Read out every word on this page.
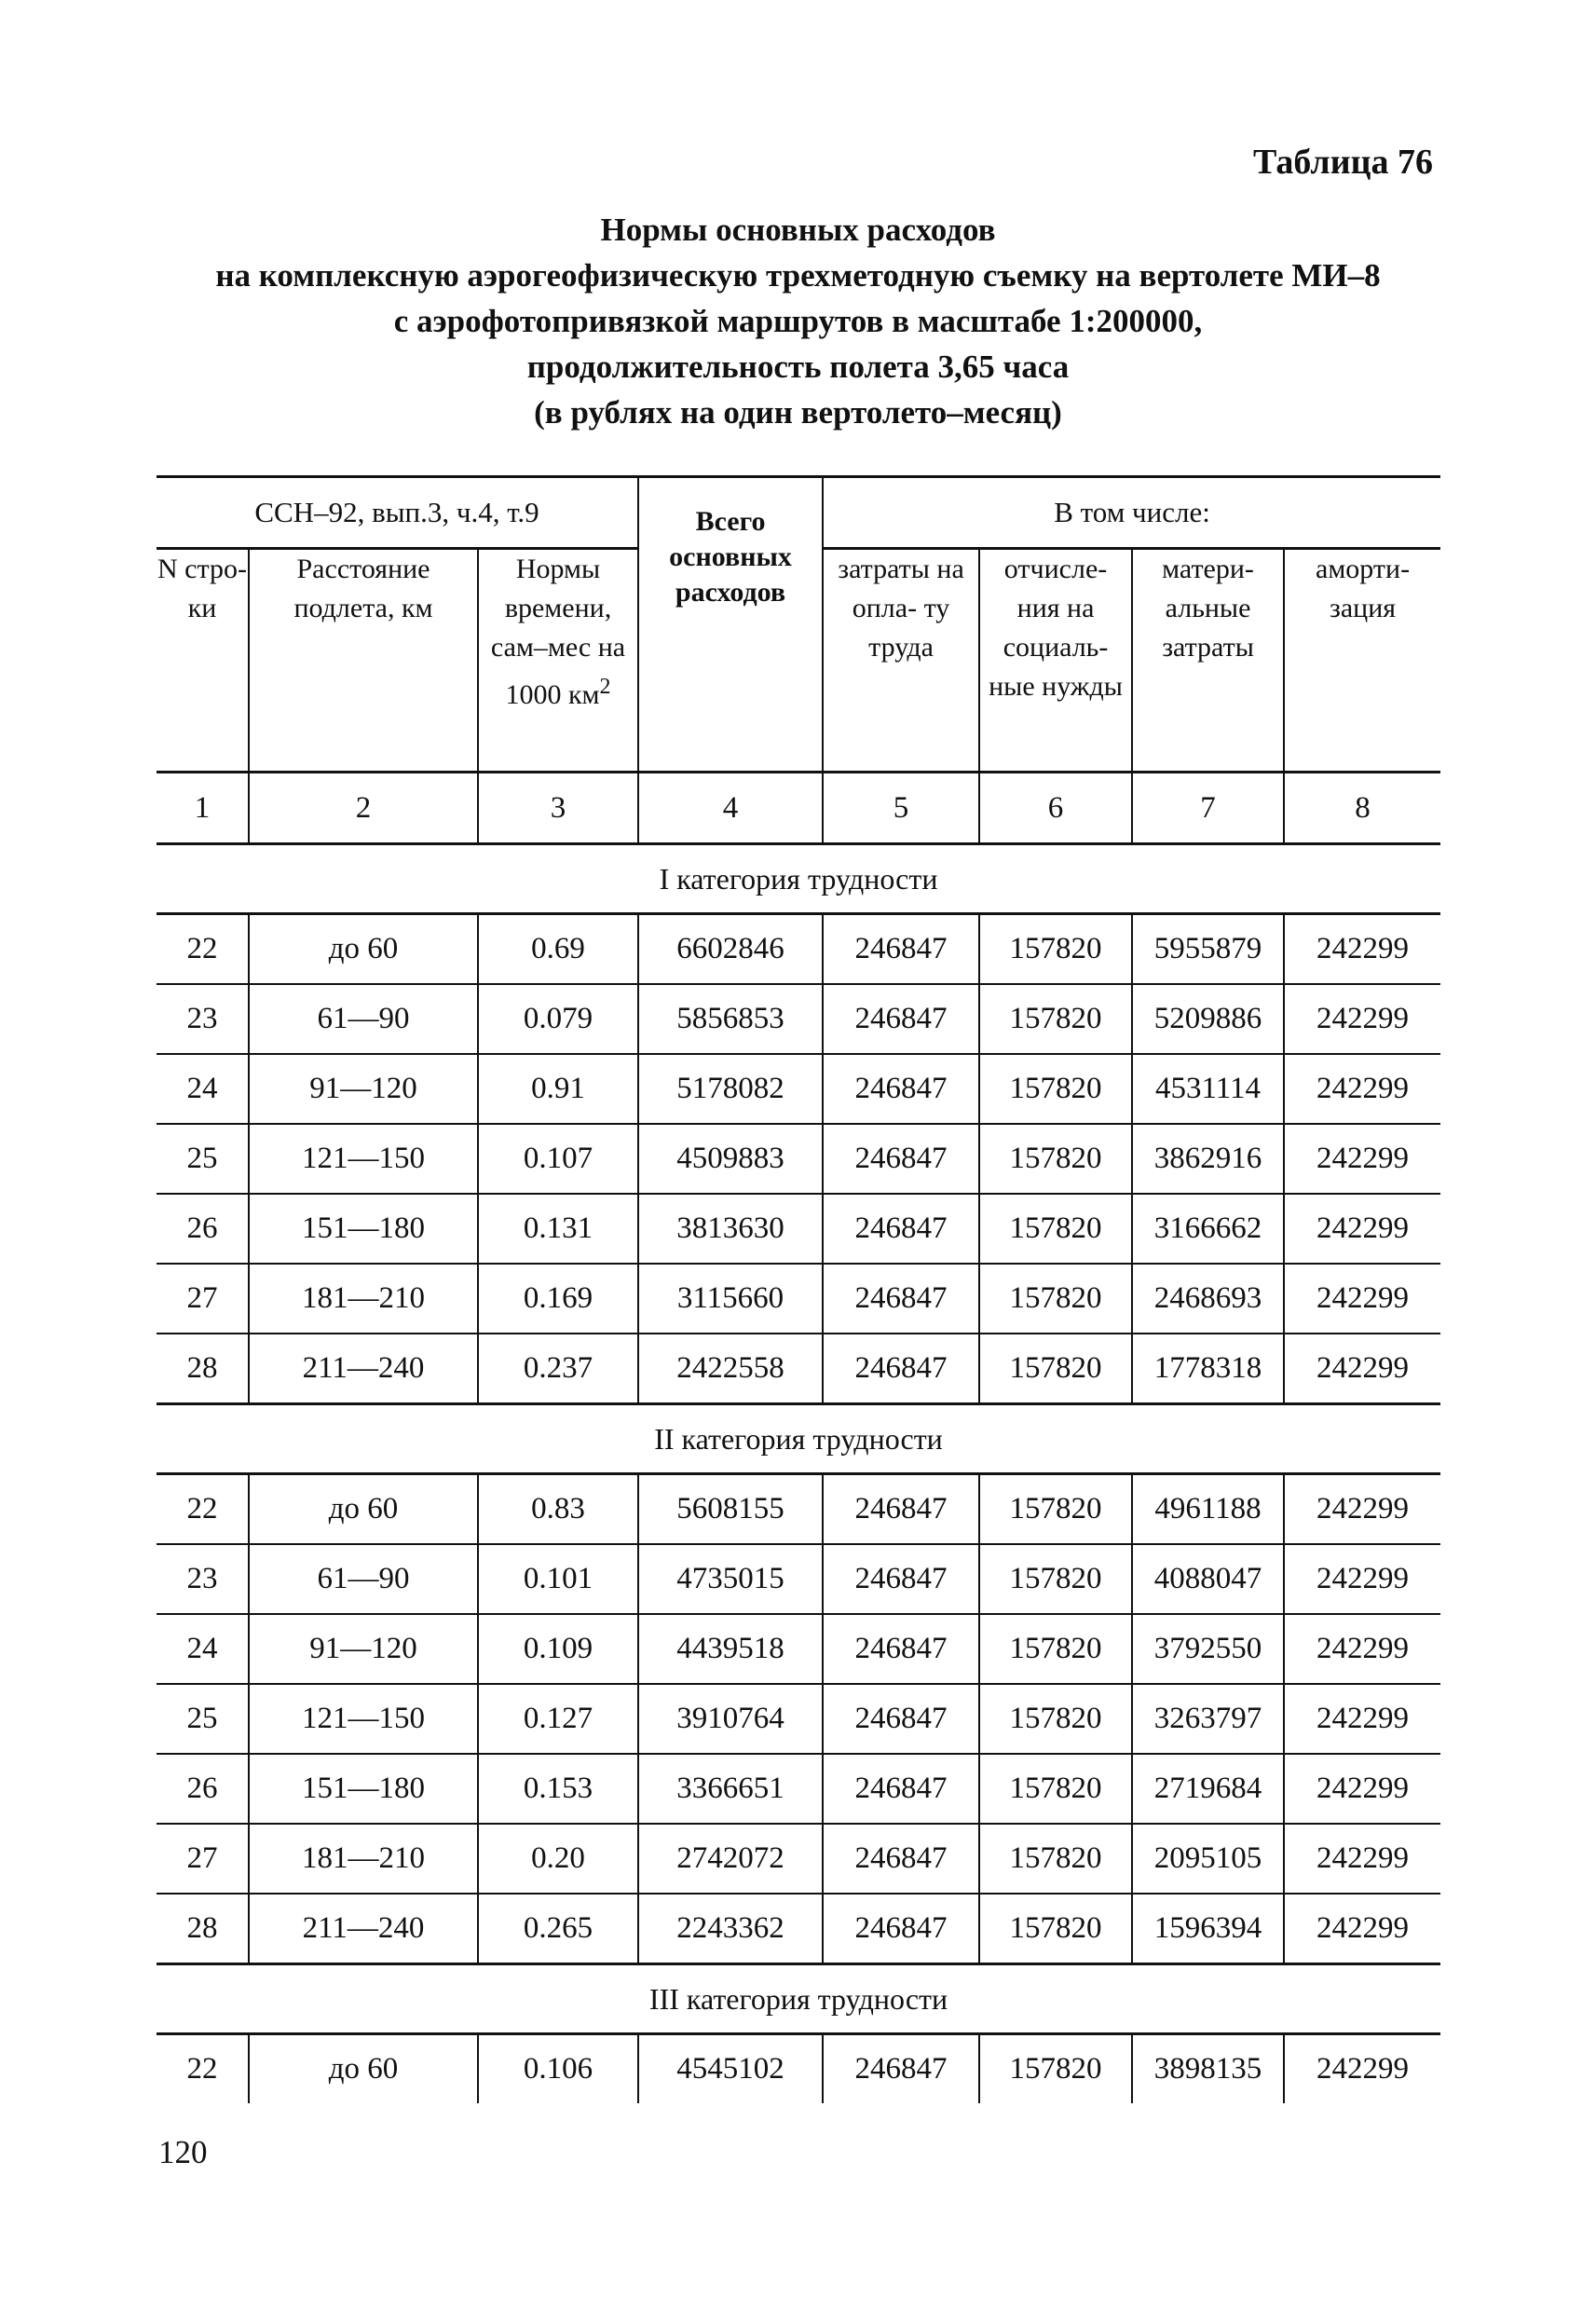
Таблица 76
Нормы основных расходов
на комплексную аэрогеофизическую трехметодную съемку на вертолете МИ–8
с аэрофотопривязкой маршрутов в масштабе 1:200000,
продолжительность полета 3,65 часа
(в рублях на один вертолето–месяц)
ССН–92, вып.3, ч.4, т.9			Всего основных расходов	В том числе:			
N стро- ки	Расстояние подлета, км	Нормы времени, сам–мес на 1000 $км^2$		затраты на опла- ту труда	отчисле- ния на социаль- ные нужды	матери- альные затраты	аморти- зация
1	2	3	4	5	6	7	8
I категория трудности							
22	до 60	0.69	6602846	246847	157820	5955879	242299
23	61—90	0.079	5856853	246847	157820	5209886	242299
24	91—120	0.91	5178082	246847	157820	4531114	242299
25	121—150	0.107	4509883	246847	157820	3862916	242299
26	151—180	0.131	3813630	246847	157820	3166662	242299
27	181—210	0.169	3115660	246847	157820	2468693	242299
28	211—240	0.237	2422558	246847	157820	1778318	242299
II категория трудности							
22	до 60	0.83	5608155	246847	157820	4961188	242299
23	61—90	0.101	4735015	246847	157820	4088047	242299
24	91—120	0.109	4439518	246847	157820	3792550	242299
25	121—150	0.127	3910764	246847	157820	3263797	242299
26	151—180	0.153	3366651	246847	157820	2719684	242299
27	181—210	0.20	2742072	246847	157820	2095105	242299
28	211—240	0.265	2243362	246847	157820	1596394	242299
III категория трудности							
22	до 60	0.106	4545102	246847	157820	3898135	242299
120
